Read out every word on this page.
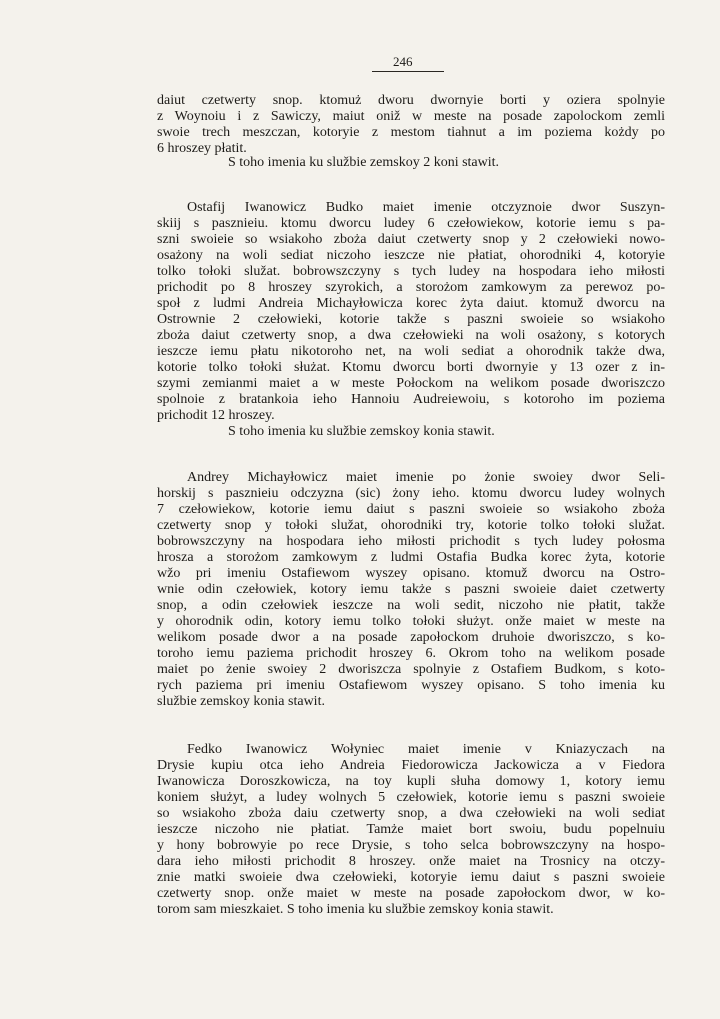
246
daiut czetwerty snop. ktomuż dworu dwornyie borti y oziera spolnyie
z Woynoiu i z Sawiczy, maiut oniž w meste na posade zapolockom zemli
swoie trech meszczan, kotoryie z mestom tiahnut a im poziema kożdy po
6 hroszey płatit.
S toho imenia ku službie zemskoy 2 koni stawit.
Ostafij Iwanowicz Budko maiet imenie otczyznoie dwor Suszyn-
skiij s pasznieiu. ktomu dworcu ludey 6 czełowiekow, kotorie iemu s pa-
szni swoieie so wsiakoho zboża daiut czetwerty snop y 2 czełowieki nowo-
osażony na woli sediat niczoho ieszcze nie płatiat, ohorodniki 4, kotoryie
tolko tołoki služat. bobrowszczyny s tych ludey na hospodara ieho miłosti
prichodit po 8 hroszey szyrokich, a storożom zamkowym za perewoz po-
społ z ludmi Andreia Michayłowicza korec żyta daiut. ktomuž dworcu na
Ostrownie 2 czełowieki, kotorie takže s paszni swoieie so wsiakoho
zboża daiut czetwerty snop, a dwa czełowieki na woli osażony, s kotorych
ieszcze iemu płatu nikotoroho net, na woli sediat a ohorodnik także dwa,
kotorie tolko tołoki służat. Ktomu dworcu borti dwornyie y 13 ozer z in-
szymi zemianmi maiet a w meste Połockom na welikom posade dworiszczo
spolnoie z bratankoia ieho Hannoiu Audreiewoiu, s kotoroho im poziema
prichodit 12 hroszey.
S toho imenia ku službie zemskoy konia stawit.
Andrey Michayłowicz maiet imenie po żonie swoiey dwor Seli-
horskij s pasznieiu odczyzna (sic) żony ieho. ktomu dworcu ludey wolnych
7 czełowiekow, kotorie iemu daiut s paszni swoieie so wsiakoho zboża
czetwerty snop y tołoki služat, ohorodniki try, kotorie tolko tołoki služat.
bobrowszczyny na hospodara ieho miłosti prichodit s tych ludey połosma
hrosza a storożom zamkowym z ludmi Ostafia Budka korec żyta, kotorie
wžo pri imeniu Ostafiewom wyszey opisano. ktomuž dworcu na Ostro-
wnie odin czełowiek, kotory iemu także s paszni swoieie daiet czetwerty
snop, a odin czełowiek ieszcze na woli sedit, niczoho nie płatit, takže
y ohorodnik odin, kotory iemu tolko tołoki służyt. onže maiet w meste na
welikom posade dwor a na posade zapołockom druhoie dworiszczo, s ko-
toroho iemu paziema prichodit hroszey 6. Okrom toho na welikom posade
maiet po żenie swoiey 2 dworiszcza spolnyie z Ostafiem Budkom, s koto-
rych paziema pri imeniu Ostafiewom wyszey opisano. S toho imenia ku
službie zemskoy konia stawit.
Fedko Iwanowicz Wołyniec maiet imenie v Kniazyczach na
Drysie kupiu otca ieho Andreia Fiedorowicza Jackowicza a v Fiedora
Iwanowicza Doroszkowicza, na toy kupli słuha domowy 1, kotory iemu
koniem służyt, a ludey wolnych 5 czełowiek, kotorie iemu s paszni swoieie
so wsiakoho zboża daiu czetwerty snop, a dwa czełowieki na woli sediat
ieszcze niczoho nie płatiat. Tamże maiet bort swoiu, budu popelnuiu
y hony bobrowyie po rece Drysie, s toho selca bobrowszczyny na hospo-
dara ieho miłosti prichodit 8 hroszey. onže maiet na Trosnicy na otczy-
znie matki swoieie dwa czełowieki, kotoryie iemu daiut s paszni swoieie
czetwerty snop. onže maiet w meste na posade zapołockom dwor, w ko-
torom sam mieszkaiet. S toho imenia ku službie zemskoy konia stawit.
